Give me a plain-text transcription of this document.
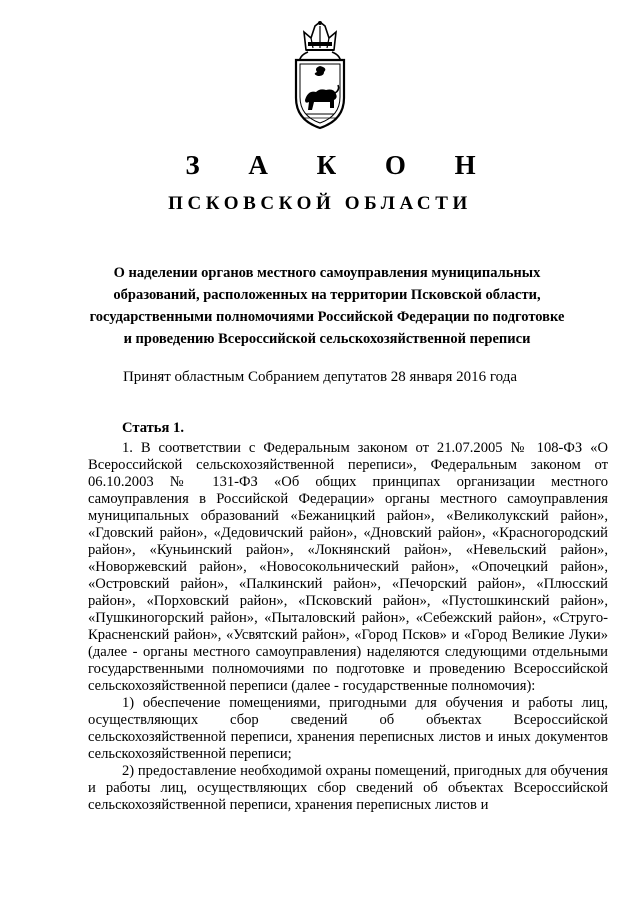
З А К О Н
ПСКОВСКОЙ ОБЛАСТИ
О наделении органов местного самоуправления муниципальных образований, расположенных на территории Псковской области, государственными полномочиями Российской Федерации по подготовке и проведению Всероссийской сельскохозяйственной переписи
Принят областным Собранием депутатов 28 января 2016 года
Статья 1.

1. В соответствии с Федеральным законом от 21.07.2005 № 108-ФЗ «О Всероссийской сельскохозяйственной переписи», Федеральным законом от 06.10.2003 № 131-ФЗ «Об общих принципах организации местного самоуправления в Российской Федерации» органы местного самоуправления муниципальных образований «Бежаницкий район», «Великолукский район», «Гдовский район», «Дедовичский район», «Дновский район», «Красногородский район», «Куньинский район», «Локнянский район», «Невельский район», «Новоржевский район», «Новосокольнический район», «Опочецкий район», «Островский район», «Палкинский район», «Печорский район», «Плюсский район», «Порховский район», «Псковский район», «Пустошкинский район», «Пушкиногорский район», «Пыталовский район», «Себежский район», «Струго-Красненский район», «Усвятский район», «Город Псков» и «Город Великие Луки» (далее - органы местного самоуправления) наделяются следующими отдельными государственными полномочиями по подготовке и проведению Всероссийской сельскохозяйственной переписи (далее - государственные полномочия):

1) обеспечение помещениями, пригодными для обучения и работы лиц, осуществляющих сбор сведений об объектах Всероссийской сельскохозяйственной переписи, хранения переписных листов и иных документов сельскохозяйственной переписи;

2) предоставление необходимой охраны помещений, пригодных для обучения и работы лиц, осуществляющих сбор сведений об объектах Всероссийской сельскохозяйственной переписи, хранения переписных листов и
